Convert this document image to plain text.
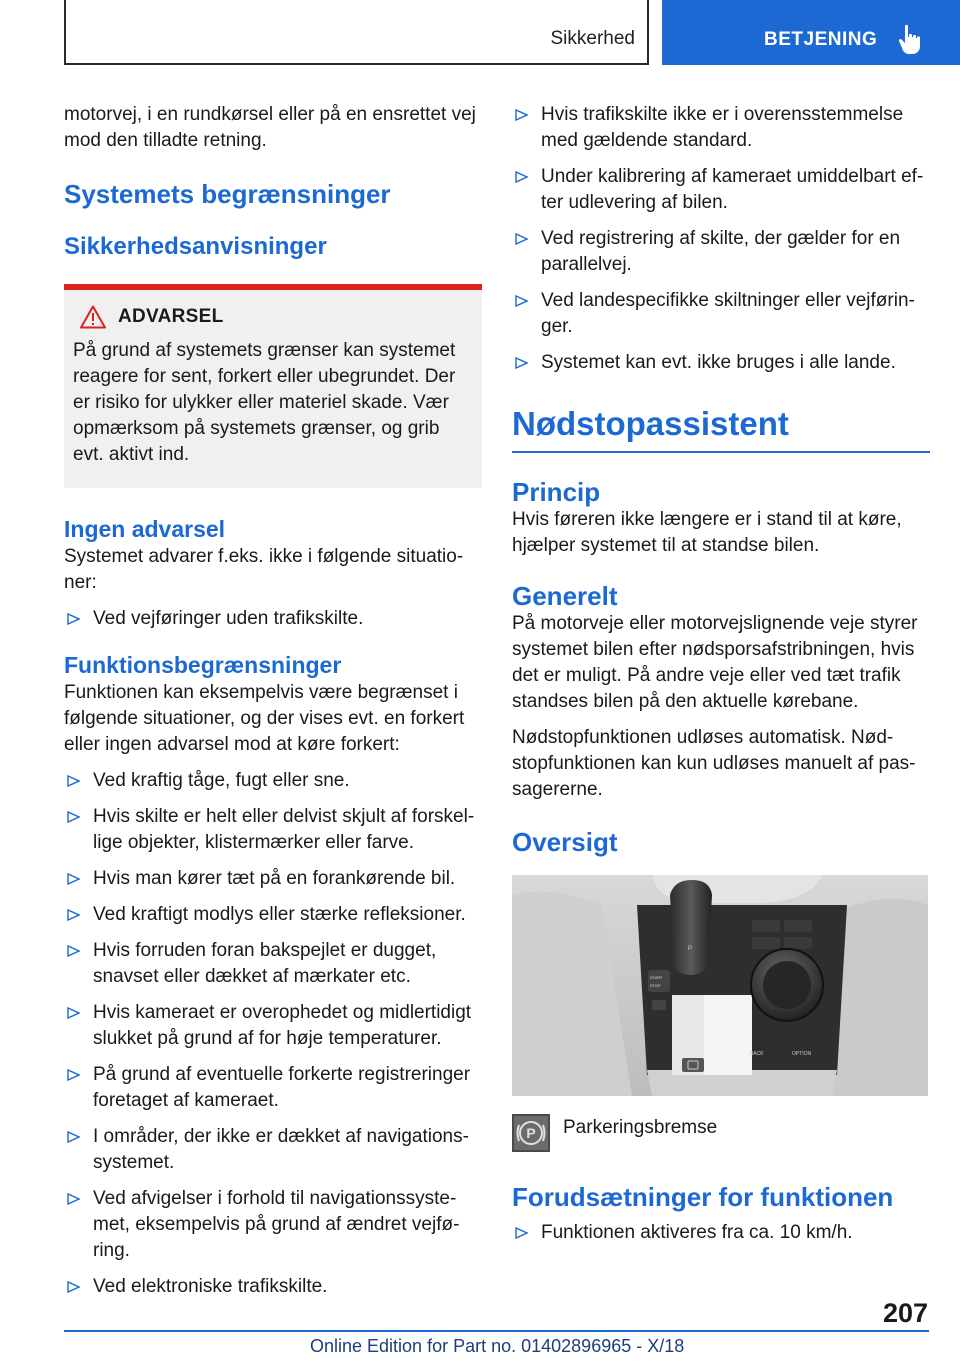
Sikkerhed	BETJENING

motorvej, i en rundkørsel eller på en ensrettet vej mod den tilladte retning.

Systemets begrænsninger
Sikkerhedsanvisninger
ADVARSEL

På grund af systemets grænser kan systemet reagere for sent, forkert eller ubegrundet. Der er risiko for ulykker eller materiel skade. Vær opmærksom på systemets grænser, og grib evt. aktivt ind.

Ingen advarsel

Systemet advarer f.eks. ikke i følgende situatio-ner:

Ved vejføringer uden trafikskilte.
Funktionsbegrænsninger

Funktionen kan eksempelvis være begrænset i følgende situationer, og der vises evt. en forkert eller ingen advarsel mod at køre forkert:

Ved kraftig tåge, fugt eller sne.
Hvis skilte er helt eller delvist skjult af forskel-lige objekter, klistermærker eller farve.
Hvis man kører tæt på en forankørende bil.
Ved kraftigt modlys eller stærke refleksioner.
Hvis forruden foran bakspejlet er dugget, snavset eller dækket af mærkater etc.
Hvis kameraet er overophedet og midlertidigt slukket på grund af for høje temperaturer.
På grund af eventuelle forkerte registreringer foretaget af kameraet.
I områder, der ikke er dækket af navigations-systemet.
Ved afvigelser i forhold til navigationssyste-met, eksempelvis på grund af ændret vejfø-ring.
Ved elektroniske trafikskilte.
Hvis trafikskilte ikke er i overensstemmelse med gældende standard.
Under kalibrering af kameraet umiddelbart ef-ter udlevering af bilen.
Ved registrering af skilte, der gælder for en parallelvej.
Ved landespecifikke skiltninger eller vejførin-ger.
Systemet kan evt. ikke bruges i alle lande.
Nødstopassistent
Princip

Hvis føreren ikke længere er i stand til at køre, hjælper systemet til at standse bilen.

Generelt

På motorveje eller motorvejslignende veje styrer systemet bilen efter nødsporsafstribningen, hvis det er muligt. På andre veje eller ved tæt trafik standses bilen på den aktuelle kørebane.

Nødstopfunktionen udløses automatisk. Nød-stopfunktionen kan kun udløses manuelt af pas-sagererne.

Oversigt
P
BACK	OPTION
START
STOP
P Parkeringsbremse
Forudsætninger for funktionen
Funktionen aktiveres fra ca. 10 km/h.
207
Online Edition for Part no. 01402896965 - X/18
